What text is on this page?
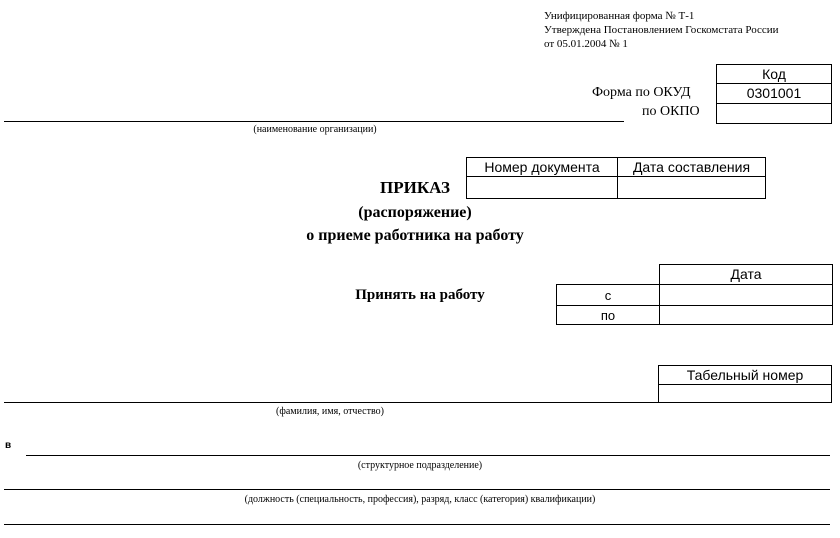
Унифицированная форма № Т-1
Утверждена Постановлением Госкомстата России
от 05.01.2004 № 1
Код
Форма по ОКУД	0301001
по ОКПО
(наименование организации)
Номер документа	Дата составления
ПРИКАЗ
(распоряжение)
о приеме работника на работу
Принять на работу
Дата
с
по
Табельный номер
(фамилия, имя, отчество)
в
(структурное подразделение)
(должность (специальность, профессия), разряд, класс (категория) квалификации)
